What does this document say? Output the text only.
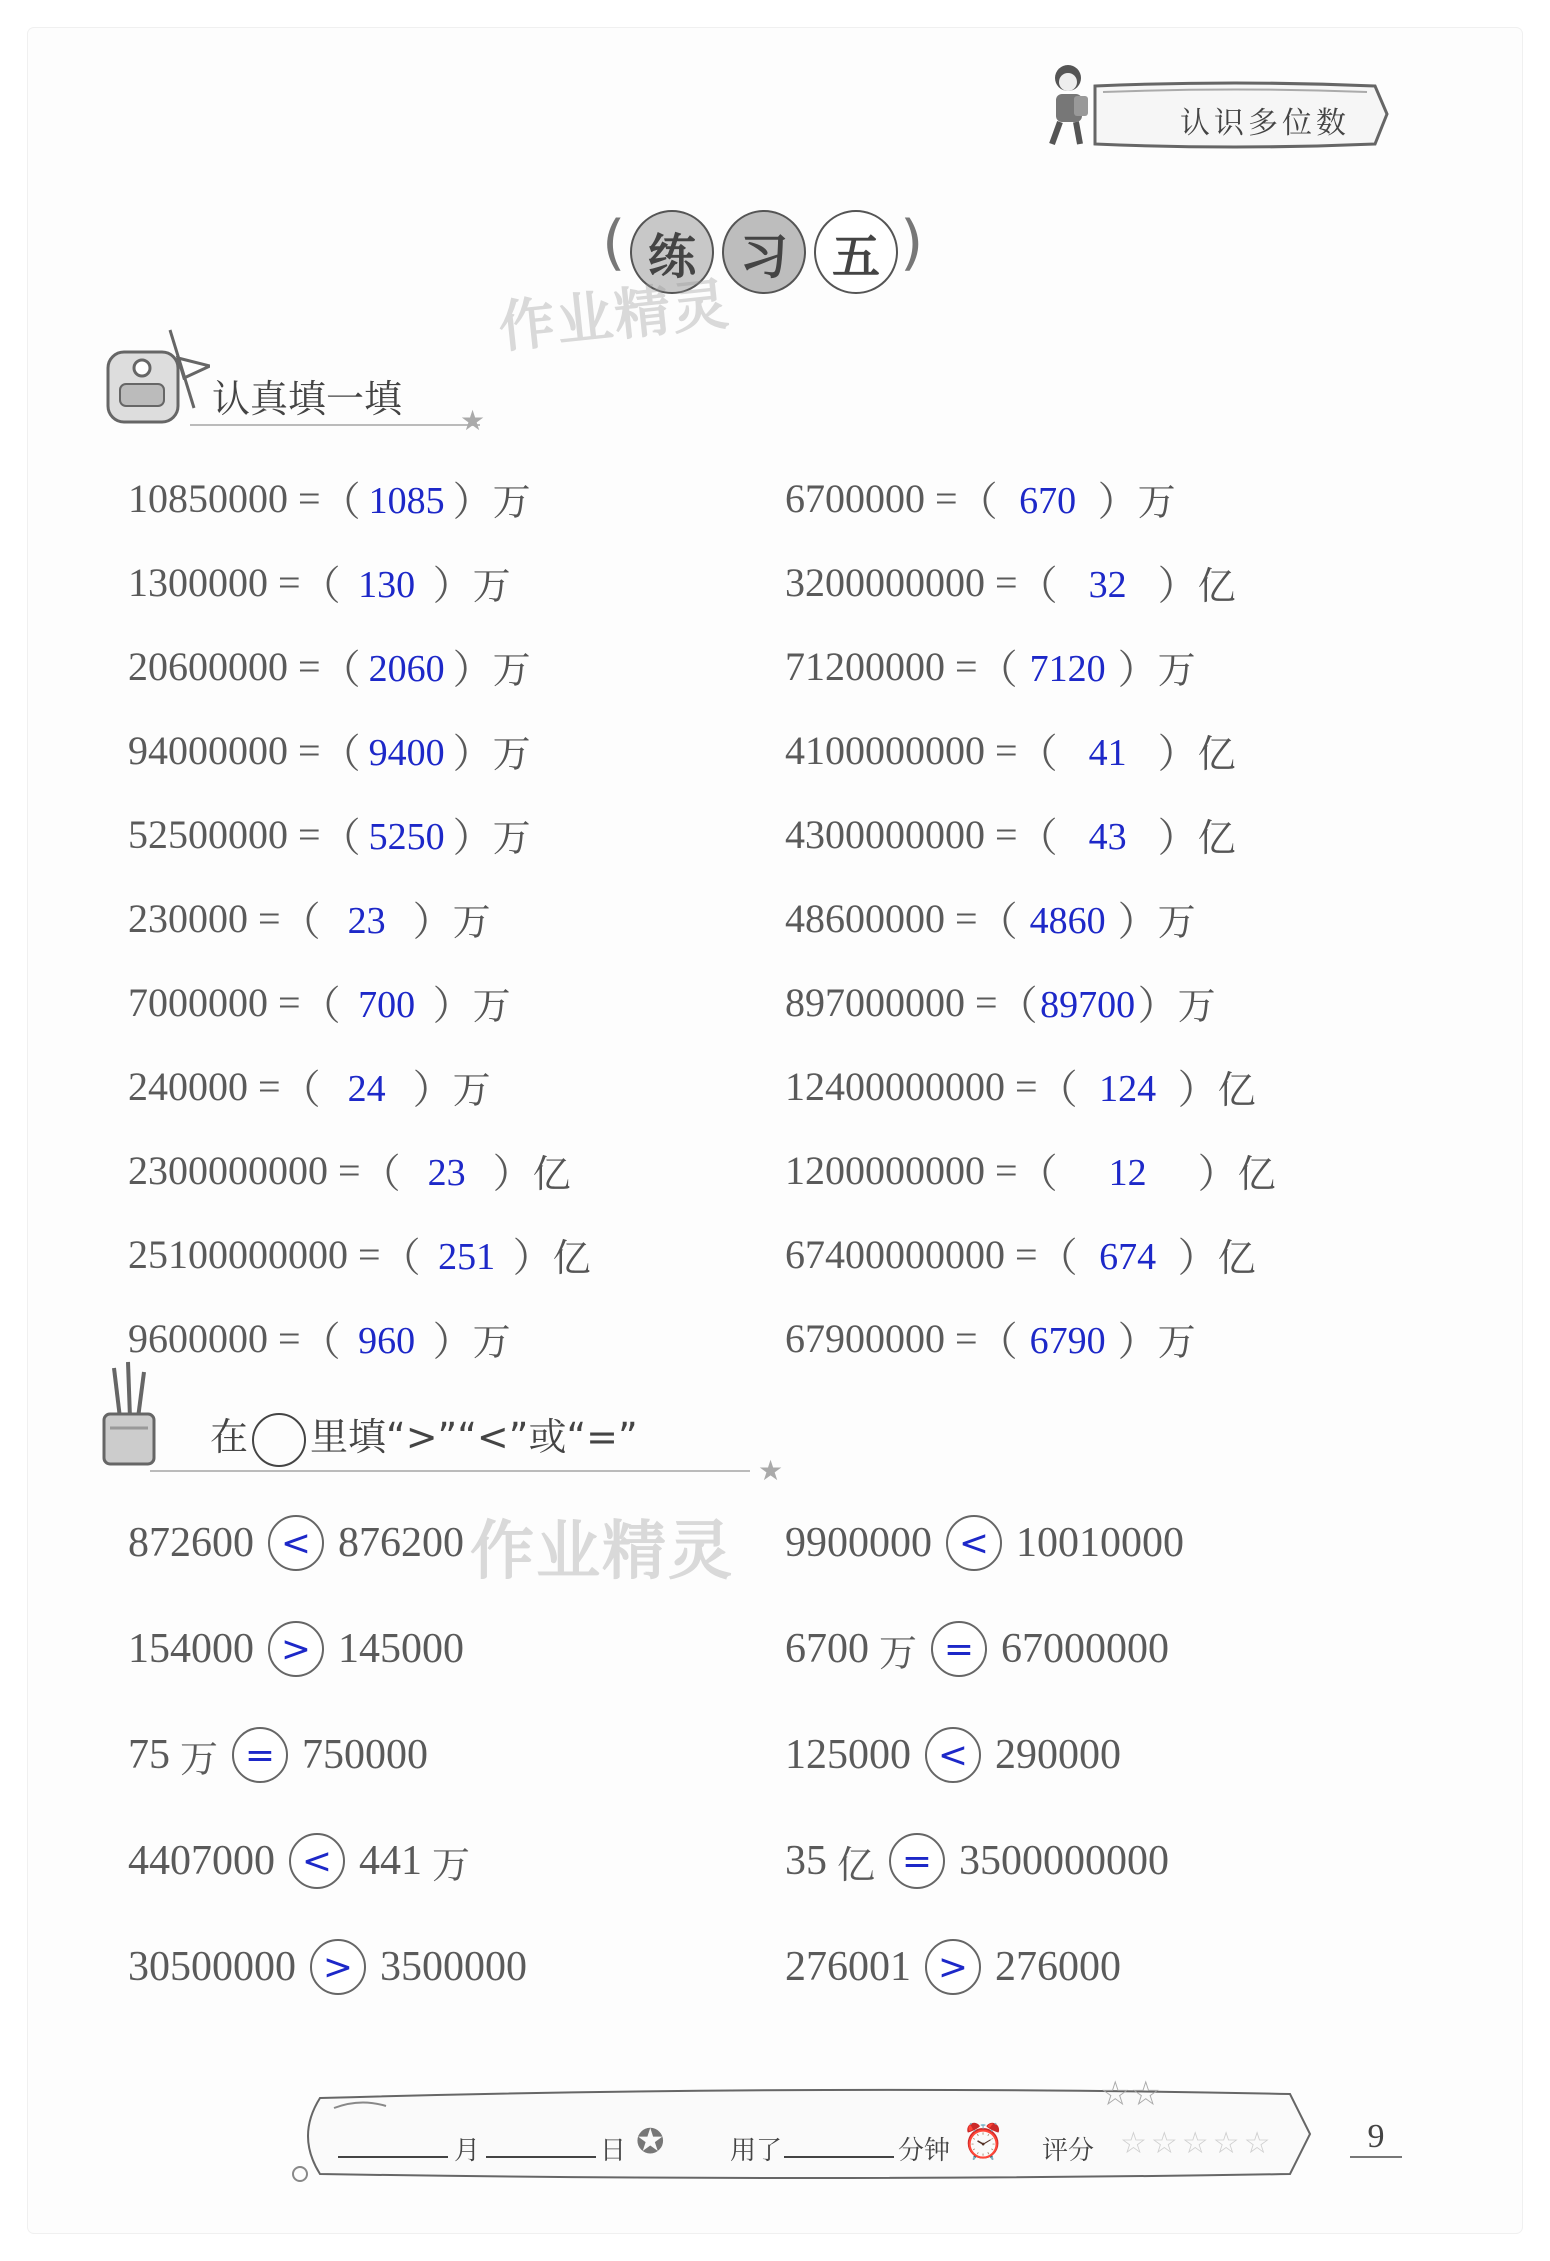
认识多位数
( 练 习 五 )
作业精灵
作业精灵
认真填一填
★
10850000 = （ 1085 ） 万
1300000 = （ 130 ） 万
20600000 = （ 2060 ） 万
94000000 = （ 9400 ） 万
52500000 = （ 5250 ） 万
230000 = （ 23 ） 万
7000000 = （ 700 ） 万
240000 = （ 24 ） 万
2300000000 = （ 23 ） 亿
25100000000 = （ 251 ） 亿
9600000 = （ 960 ） 万
6700000 = （ 670 ） 万
3200000000 = （ 32 ） 亿
71200000 = （ 7120 ） 万
4100000000 = （ 41 ） 亿
4300000000 = （ 43 ） 亿
48600000 = （ 4860 ） 万
897000000 = （ 89700 ） 万
12400000000 = （ 124 ） 亿
1200000000 = （	12	） 亿
67400000000 = （ 674 ） 亿
67900000 = （ 6790 ） 万
在 里填“>”“<”或“=”
★
872600 < 876200
154000 > 145000
75 万 = 750000
4407000 < 441 万
30500000 > 3500000
9900000 < 10010000
6700 万 = 67000000
125000 < 290000
35 亿 = 3500000000
276001 > 276000
☆☆
月	日 ✪	用了	分钟 ⏰ 评分 ☆☆☆☆☆	9
